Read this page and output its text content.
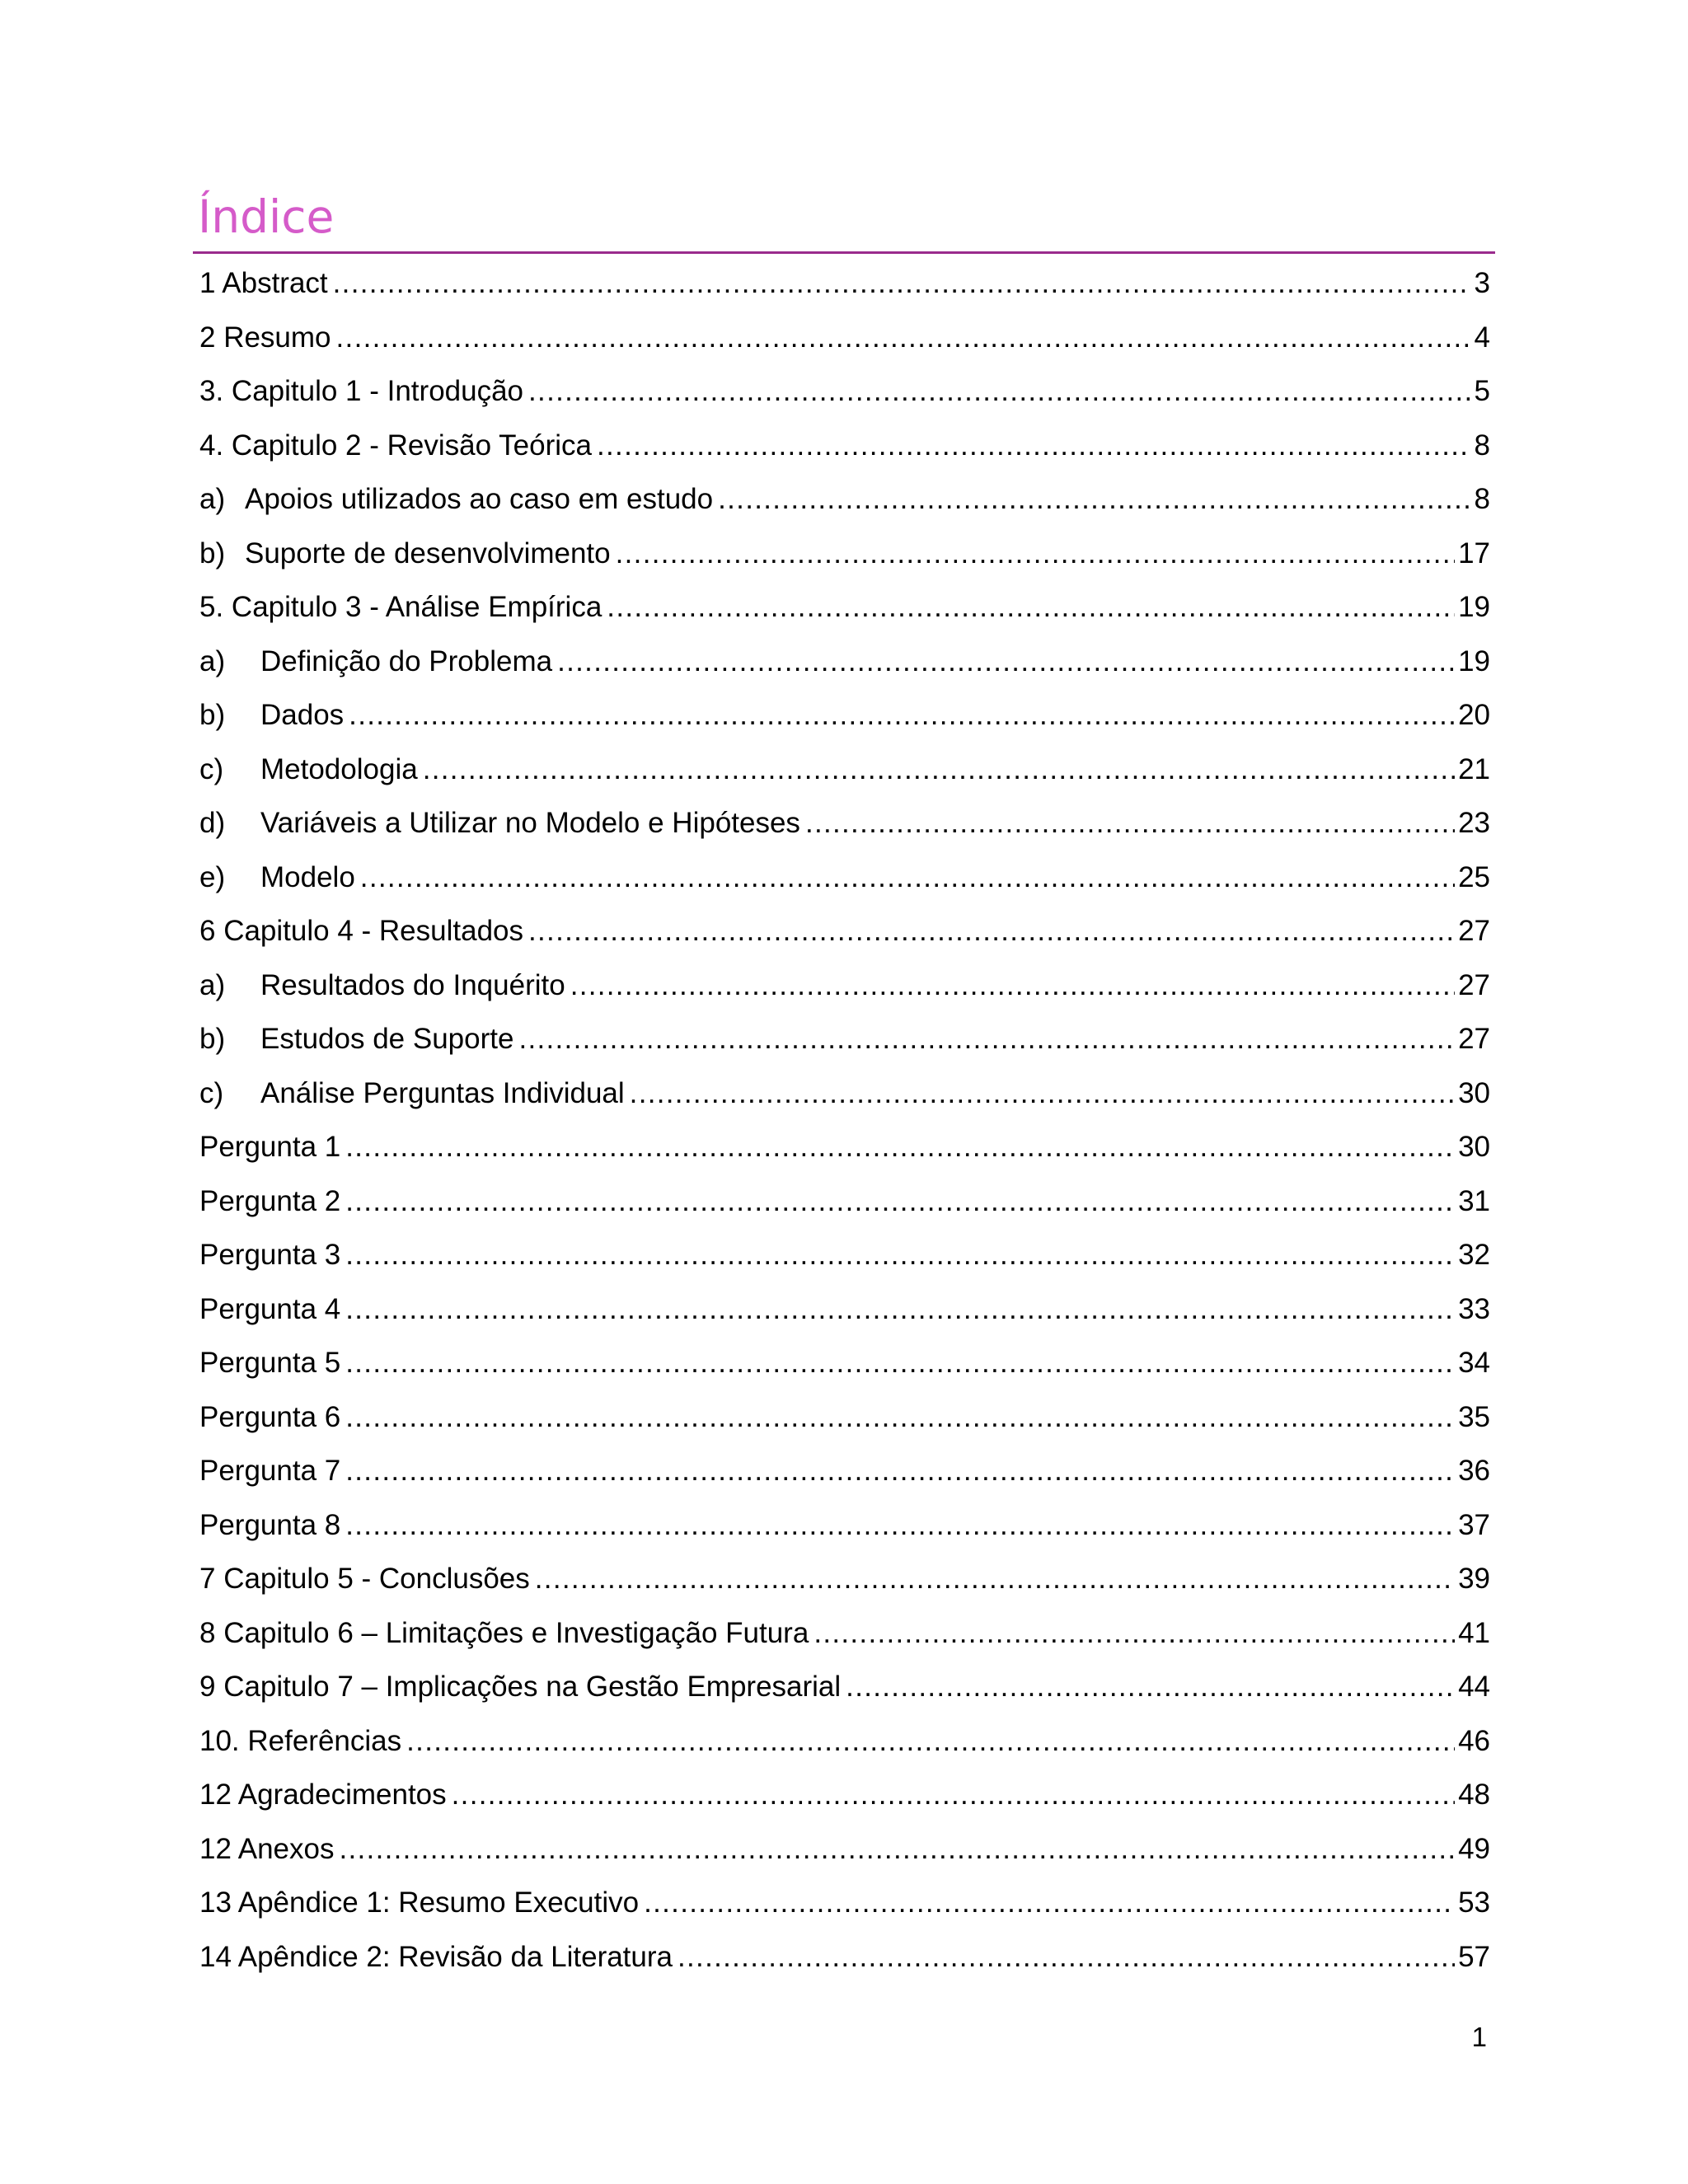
Índice
1 Abstract .....	3
2 Resumo .....	4
3. Capitulo 1 - Introdução .....	5
4. Capitulo 2 - Revisão Teórica .....	8
a) Apoios utilizados ao caso em estudo .....	8
b) Suporte de desenvolvimento .....	17
5. Capitulo 3 - Análise Empírica .....	19
a)	Definição do Problema .....	19
b)	Dados .....	20
c)	Metodologia .....	21
d)	Variáveis a Utilizar no Modelo e Hipóteses .....	23
e)	Modelo .....	25
6 Capitulo 4 - Resultados .....	27
a)	Resultados do Inquérito .....	27
b)	Estudos de Suporte .....	27
c)	Análise Perguntas Individual .....	30
Pergunta 1 .....	30
Pergunta 2 .....	31
Pergunta 3 .....	32
Pergunta 4 .....	33
Pergunta 5 .....	34
Pergunta 6 .....	35
Pergunta 7 .....	36
Pergunta 8 .....	37
7 Capitulo 5 - Conclusões .....	39
8 Capitulo 6 – Limitações e Investigação Futura .....	41
9 Capitulo 7 – Implicações na Gestão Empresarial .....	44
10. Referências .....	46
12 Agradecimentos .....	48
12 Anexos .....	49
13 Apêndice 1: Resumo Executivo .....	53
14 Apêndice 2: Revisão da Literatura .....	57
1
